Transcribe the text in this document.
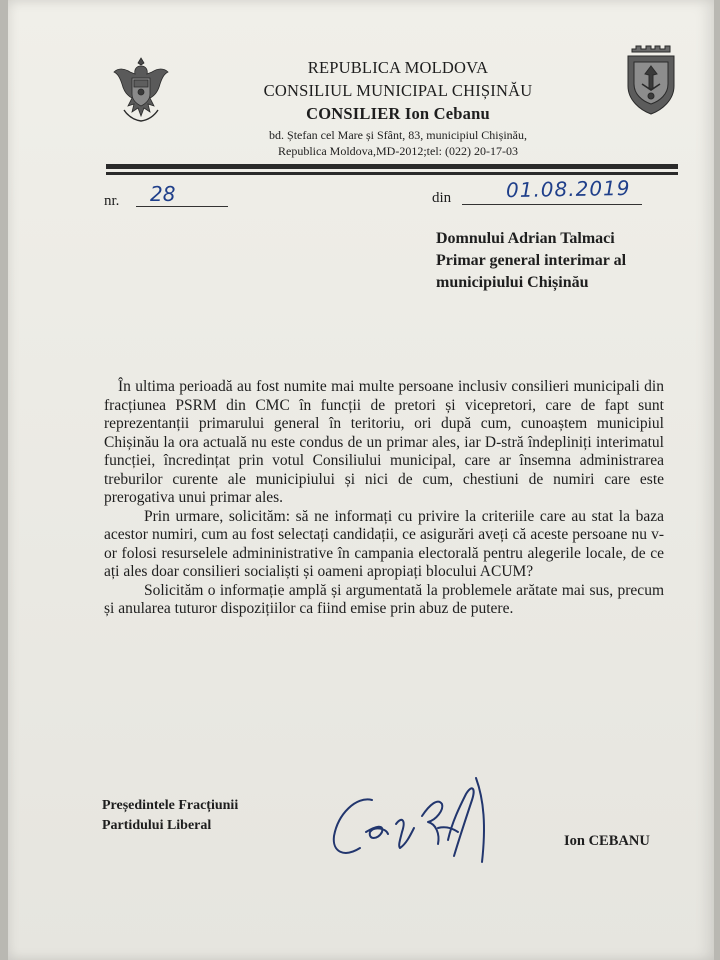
REPUBLICA MOLDOVA
CONSILIUL MUNICIPAL CHIȘINĂU
CONSILIER Ion Cebanu
bd. Ștefan cel Mare și Sfânt, 83, municipiul Chișinău,
Republica Moldova,MD-2012;tel: (022) 20-17-03
nr. 28	din	01.08.2019
Domnului Adrian Talmaci
Primar general interimar al
municipiului Chișinău

În ultima perioadă au fost numite mai multe persoane inclusiv consilieri municipali din fracțiunea PSRM din CMC în funcții de pretori și vicepretori, care de fapt sunt reprezentanții primarului general în teritoriu, ori după cum, cunoaștem municipiul Chișinău la ora actuală nu este condus de un primar ales, iar D-stră îndepliniți interimatul funcției, încredințat prin votul Consiliului municipal, care ar însemna administrarea treburilor curente ale municipiului și nici de cum, chestiuni de numiri care este prerogativa unui primar ales.

Prin urmare, solicităm: să ne informați cu privire la criteriile care au stat la baza acestor numiri, cum au fost selectați candidații, ce asigurări aveți că aceste persoane nu v-or folosi resurselele admininistrative în campania electorală pentru alegerile locale, de ce ați ales doar consilieri socialiști și oameni apropiați blocului ACUM?

Solicităm o informație amplă și argumentată la problemele arătate mai sus, precum și anularea tuturor dispozițiilor ca fiind emise prin abuz de putere.

Președintele Fracțiunii
Partidului Liberal
Ion CEBANU
